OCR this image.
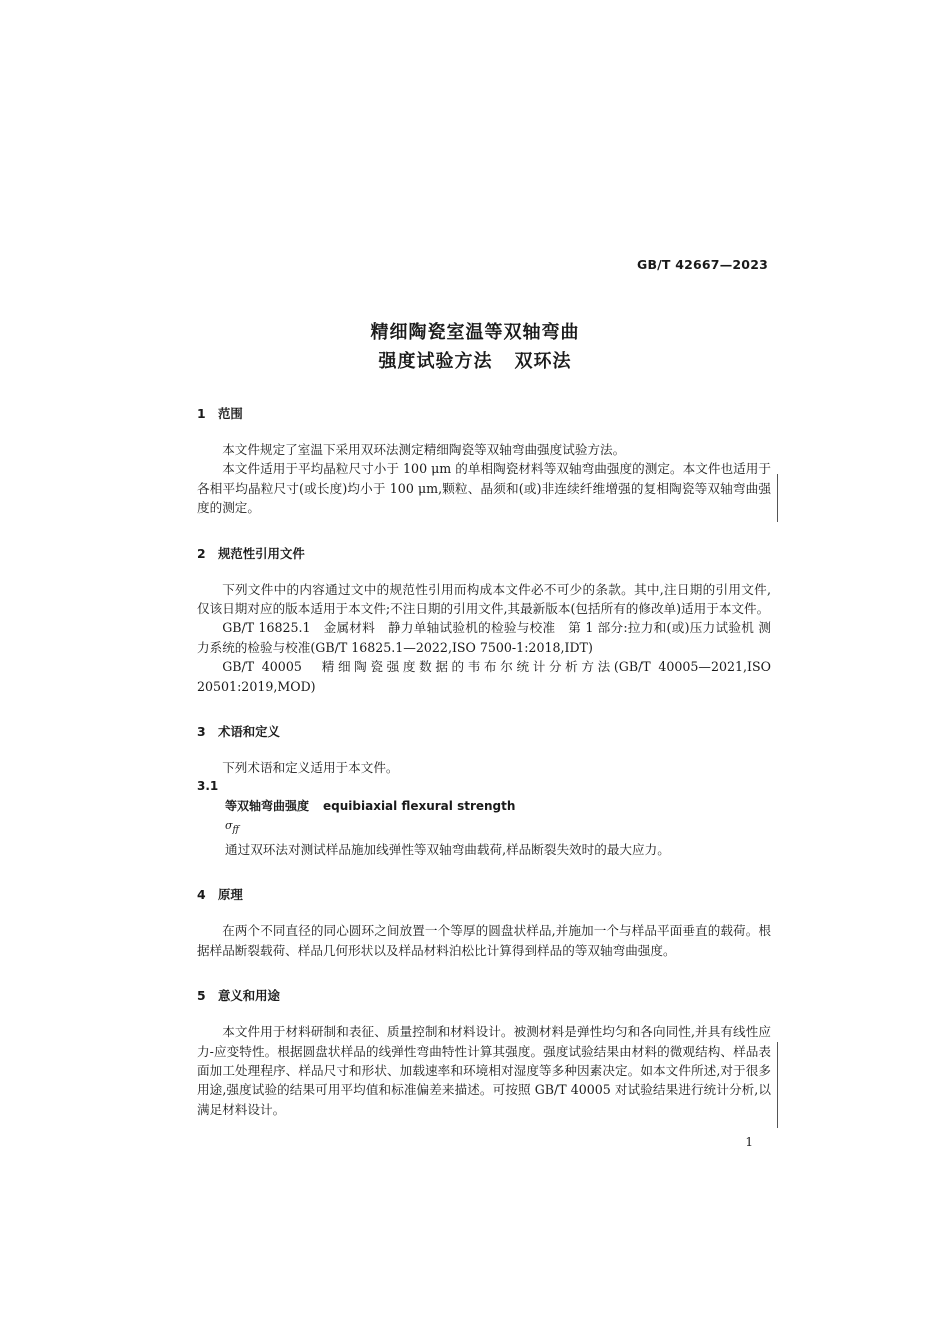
GB/T 42667—2023
精细陶瓷室温等双轴弯曲
强度试验方法 双环法

1 范围

本文件规定了室温下采用双环法测定精细陶瓷等双轴弯曲强度试验方法。

本文件适用于平均晶粒尺寸小于 100 μm 的单相陶瓷材料等双轴弯曲强度的测定。本文件也适用于各相平均晶粒尺寸(或长度)均小于 100 μm,颗粒、晶须和(或)非连续纤维增强的复相陶瓷等双轴弯曲强度的测定。

2 规范性引用文件

下列文件中的内容通过文中的规范性引用而构成本文件必不可少的条款。其中,注日期的引用文件,仅该日期对应的版本适用于本文件;不注日期的引用文件,其最新版本(包括所有的修改单)适用于本文件。

GB/T 16825.1　金属材料　静力单轴试验机的检验与校准　第 1 部分:拉力和(或)压力试验机 测力系统的检验与校准(GB/T 16825.1—2022,ISO 7500-1:2018,IDT)

GB/T 40005　精细陶瓷强度数据的韦布尔统计分析方法(GB/T 40005—2021,ISO 20501:2019,MOD)

3 术语和定义

下列术语和定义适用于本文件。

3.1

等双轴弯曲强度 equibiaxial flexural strength

$\sigma_{ff}$

通过双环法对测试样品施加线弹性等双轴弯曲载荷,样品断裂失效时的最大应力。

4 原理

在两个不同直径的同心圆环之间放置一个等厚的圆盘状样品,并施加一个与样品平面垂直的载荷。根据样品断裂载荷、样品几何形状以及样品材料泊松比计算得到样品的等双轴弯曲强度。

5 意义和用途

本文件用于材料研制和表征、质量控制和材料设计。被测材料是弹性均匀和各向同性,并具有线性应力-应变特性。根据圆盘状样品的线弹性弯曲特性计算其强度。强度试验结果由材料的微观结构、样品表面加工处理程序、样品尺寸和形状、加载速率和环境相对湿度等多种因素决定。如本文件所述,对于很多用途,强度试验的结果可用平均值和标准偏差来描述。可按照 GB/T 40005 对试验结果进行统计分析,以满足材料设计。

1
